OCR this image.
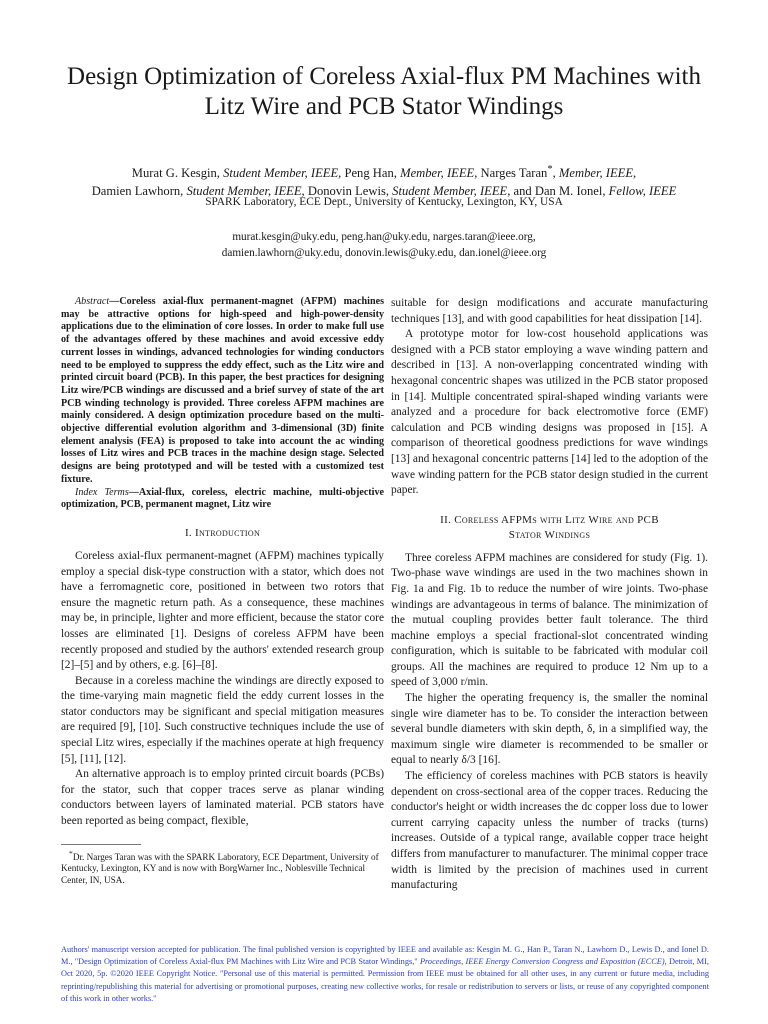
Design Optimization of Coreless Axial-flux PM Machines with
Litz Wire and PCB Stator Windings
Murat G. Kesgin, Student Member, IEEE, Peng Han, Member, IEEE, Narges Taran*, Member, IEEE,
Damien Lawhorn, Student Member, IEEE, Donovin Lewis, Student Member, IEEE, and Dan M. Ionel, Fellow, IEEE
SPARK Laboratory, ECE Dept., University of Kentucky, Lexington, KY, USA
murat.kesgin@uky.edu, peng.han@uky.edu, narges.taran@ieee.org,
damien.lawhorn@uky.edu, donovin.lewis@uky.edu, dan.ionel@ieee.org

Abstract—Coreless axial-flux permanent-magnet (AFPM) machines may be attractive options for high-speed and high-power-density applications due to the elimination of core losses. In order to make full use of the advantages offered by these machines and avoid excessive eddy current losses in windings, advanced technologies for winding conductors need to be employed to suppress the eddy effect, such as the Litz wire and printed circuit board (PCB). In this paper, the best practices for designing Litz wire/PCB windings are discussed and a brief survey of state of the art PCB winding technology is provided. Three coreless AFPM machines are mainly considered. A design optimization procedure based on the multi-objective differential evolution algorithm and 3-dimensional (3D) finite element analysis (FEA) is proposed to take into account the ac winding losses of Litz wires and PCB traces in the machine design stage. Selected designs are being prototyped and will be tested with a customized test fixture.

Index Terms—Axial-flux, coreless, electric machine, multi-objective optimization, PCB, permanent magnet, Litz wire

I. Introduction

Coreless axial-flux permanent-magnet (AFPM) machines typically employ a special disk-type construction with a stator, which does not have a ferromagnetic core, positioned in between two rotors that ensure the magnetic return path. As a consequence, these machines may be, in principle, lighter and more efficient, because the stator core losses are eliminated [1]. Designs of coreless AFPM have been recently proposed and studied by the authors' extended research group [2]–[5] and by others, e.g. [6]–[8].

Because in a coreless machine the windings are directly exposed to the time-varying main magnetic field the eddy current losses in the stator conductors may be significant and special mitigation measures are required [9], [10]. Such constructive techniques include the use of special Litz wires, especially if the machines operate at high frequency [5], [11], [12].

An alternative approach is to employ printed circuit boards (PCBs) for the stator, such that copper traces serve as planar winding conductors between layers of laminated material. PCB stators have been reported as being compact, flexible,

*Dr. Narges Taran was with the SPARK Laboratory, ECE Department, University of Kentucky, Lexington, KY and is now with BorgWarner Inc., Noblesville Technical Center, IN, USA.

suitable for design modifications and accurate manufacturing techniques [13], and with good capabilities for heat dissipation [14].

A prototype motor for low-cost household applications was designed with a PCB stator employing a wave winding pattern and described in [13]. A non-overlapping concentrated winding with hexagonal concentric shapes was utilized in the PCB stator proposed in [14]. Multiple concentrated spiral-shaped winding variants were analyzed and a procedure for back electromotive force (EMF) calculation and PCB winding designs was proposed in [15]. A comparison of theoretical goodness predictions for wave windings [13] and hexagonal concentric patterns [14] led to the adoption of the wave winding pattern for the PCB stator design studied in the current paper.

II. Coreless AFPMs with Litz Wire and PCB
Stator Windings

Three coreless AFPM machines are considered for study (Fig. 1). Two-phase wave windings are used in the two machines shown in Fig. 1a and Fig. 1b to reduce the number of wire joints. Two-phase windings are advantageous in terms of balance. The minimization of the mutual coupling provides better fault tolerance. The third machine employs a special fractional-slot concentrated winding configuration, which is suitable to be fabricated with modular coil groups. All the machines are required to produce 12 Nm up to a speed of 3,000 r/min.

The higher the operating frequency is, the smaller the nominal single wire diameter has to be. To consider the interaction between several bundle diameters with skin depth, δ, in a simplified way, the maximum single wire diameter is recommended to be smaller or equal to nearly δ/3 [16].

The efficiency of coreless machines with PCB stators is heavily dependent on cross-sectional area of the copper traces. Reducing the conductor's height or width increases the dc copper loss due to lower current carrying capacity unless the number of tracks (turns) increases. Outside of a typical range, available copper trace height differs from manufacturer to manufacturer. The minimal copper trace width is limited by the precision of machines used in current manufacturing

Authors' manuscript version accepted for publication. The final published version is copyrighted by IEEE and available as: Kesgin M. G., Han P., Taran N., Lawhorn D., Lewis D., and Ionel D. M., "Design Optimization of Coreless Axial-flux PM Machines with Litz Wire and PCB Stator Windings," Proceedings, IEEE Energy Conversion Congress and Exposition (ECCE), Detroit, MI, Oct 2020, 5p. ©2020 IEEE Copyright Notice. "Personal use of this material is permitted. Permission from IEEE must be obtained for all other uses, in any current or future media, including reprinting/republishing this material for advertising or promotional purposes, creating new collective works, for resale or redistribution to servers or lists, or reuse of any copyrighted component of this work in other works."
